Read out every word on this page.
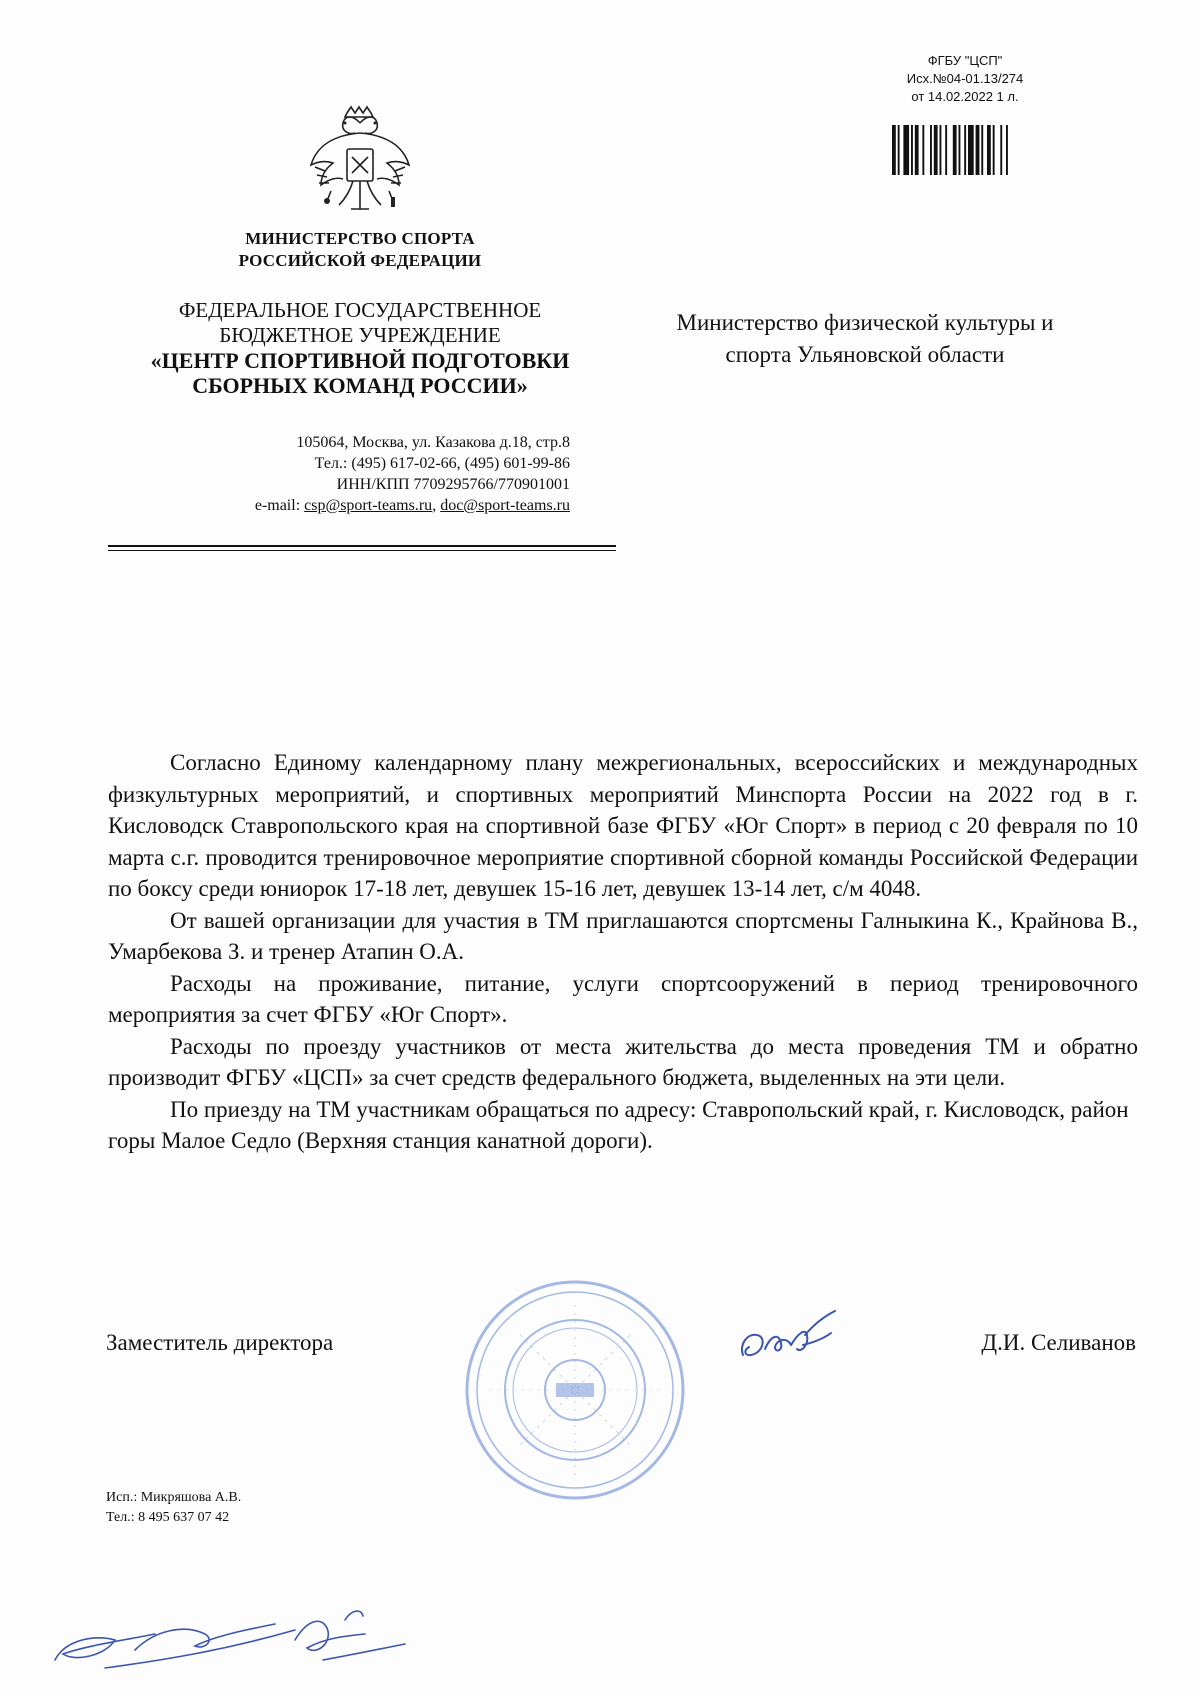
ФГБУ "ЦСП"
Исх.№04-01.13/274
от 14.02.2022 1 л.
МИНИСТЕРСТВО СПОРТА
РОССИЙСКОЙ ФЕДЕРАЦИИ
ФЕДЕРАЛЬНОЕ ГОСУДАРСТВЕННОЕ
БЮДЖЕТНОЕ УЧРЕЖДЕНИЕ
«ЦЕНТР СПОРТИВНОЙ ПОДГОТОВКИ
СБОРНЫХ КОМАНД РОССИИ»
105064, Москва, ул. Казакова д.18, стр.8
Тел.: (495) 617-02-66, (495) 601-99-86
ИНН/КПП 7709295766/770901001
e-mail: csp@sport-teams.ru, doc@sport-teams.ru
Министерство физической культуры и
спорта Ульяновской области

Согласно Единому календарному плану межрегиональных, всероссийских и международных физкультурных мероприятий, и спортивных мероприятий Минспорта России на 2022 год в г. Кисловодск Ставропольского края на спортивной базе ФГБУ «Юг Спорт» в период с 20 февраля по 10 марта с.г. проводится тренировочное мероприятие спортивной сборной команды Российской Федерации по боксу среди юниорок 17-18 лет, девушек 15-16 лет, девушек 13-14 лет, с/м 4048.

От вашей организации для участия в ТМ приглашаются спортсмены Галныкина К., Крайнова В., Умарбекова З. и тренер Атапин О.А.

Расходы на проживание, питание, услуги спортсооружений в период тренировочного мероприятия за счет ФГБУ «Юг Спорт».

Расходы по проезду участников от места жительства до места проведения ТМ и обратно производит ФГБУ «ЦСП» за счет средств федерального бюджета, выделенных на эти цели.

По приезду на ТМ участникам обращаться по адресу: Ставропольский край, г. Кисловодск, район горы Малое Седло (Верхняя станция канатной дороги).

Заместитель директора	Д.И. Селиванов
Исп.: Микряшова А.В.
Тел.: 8 495 637 07 42
